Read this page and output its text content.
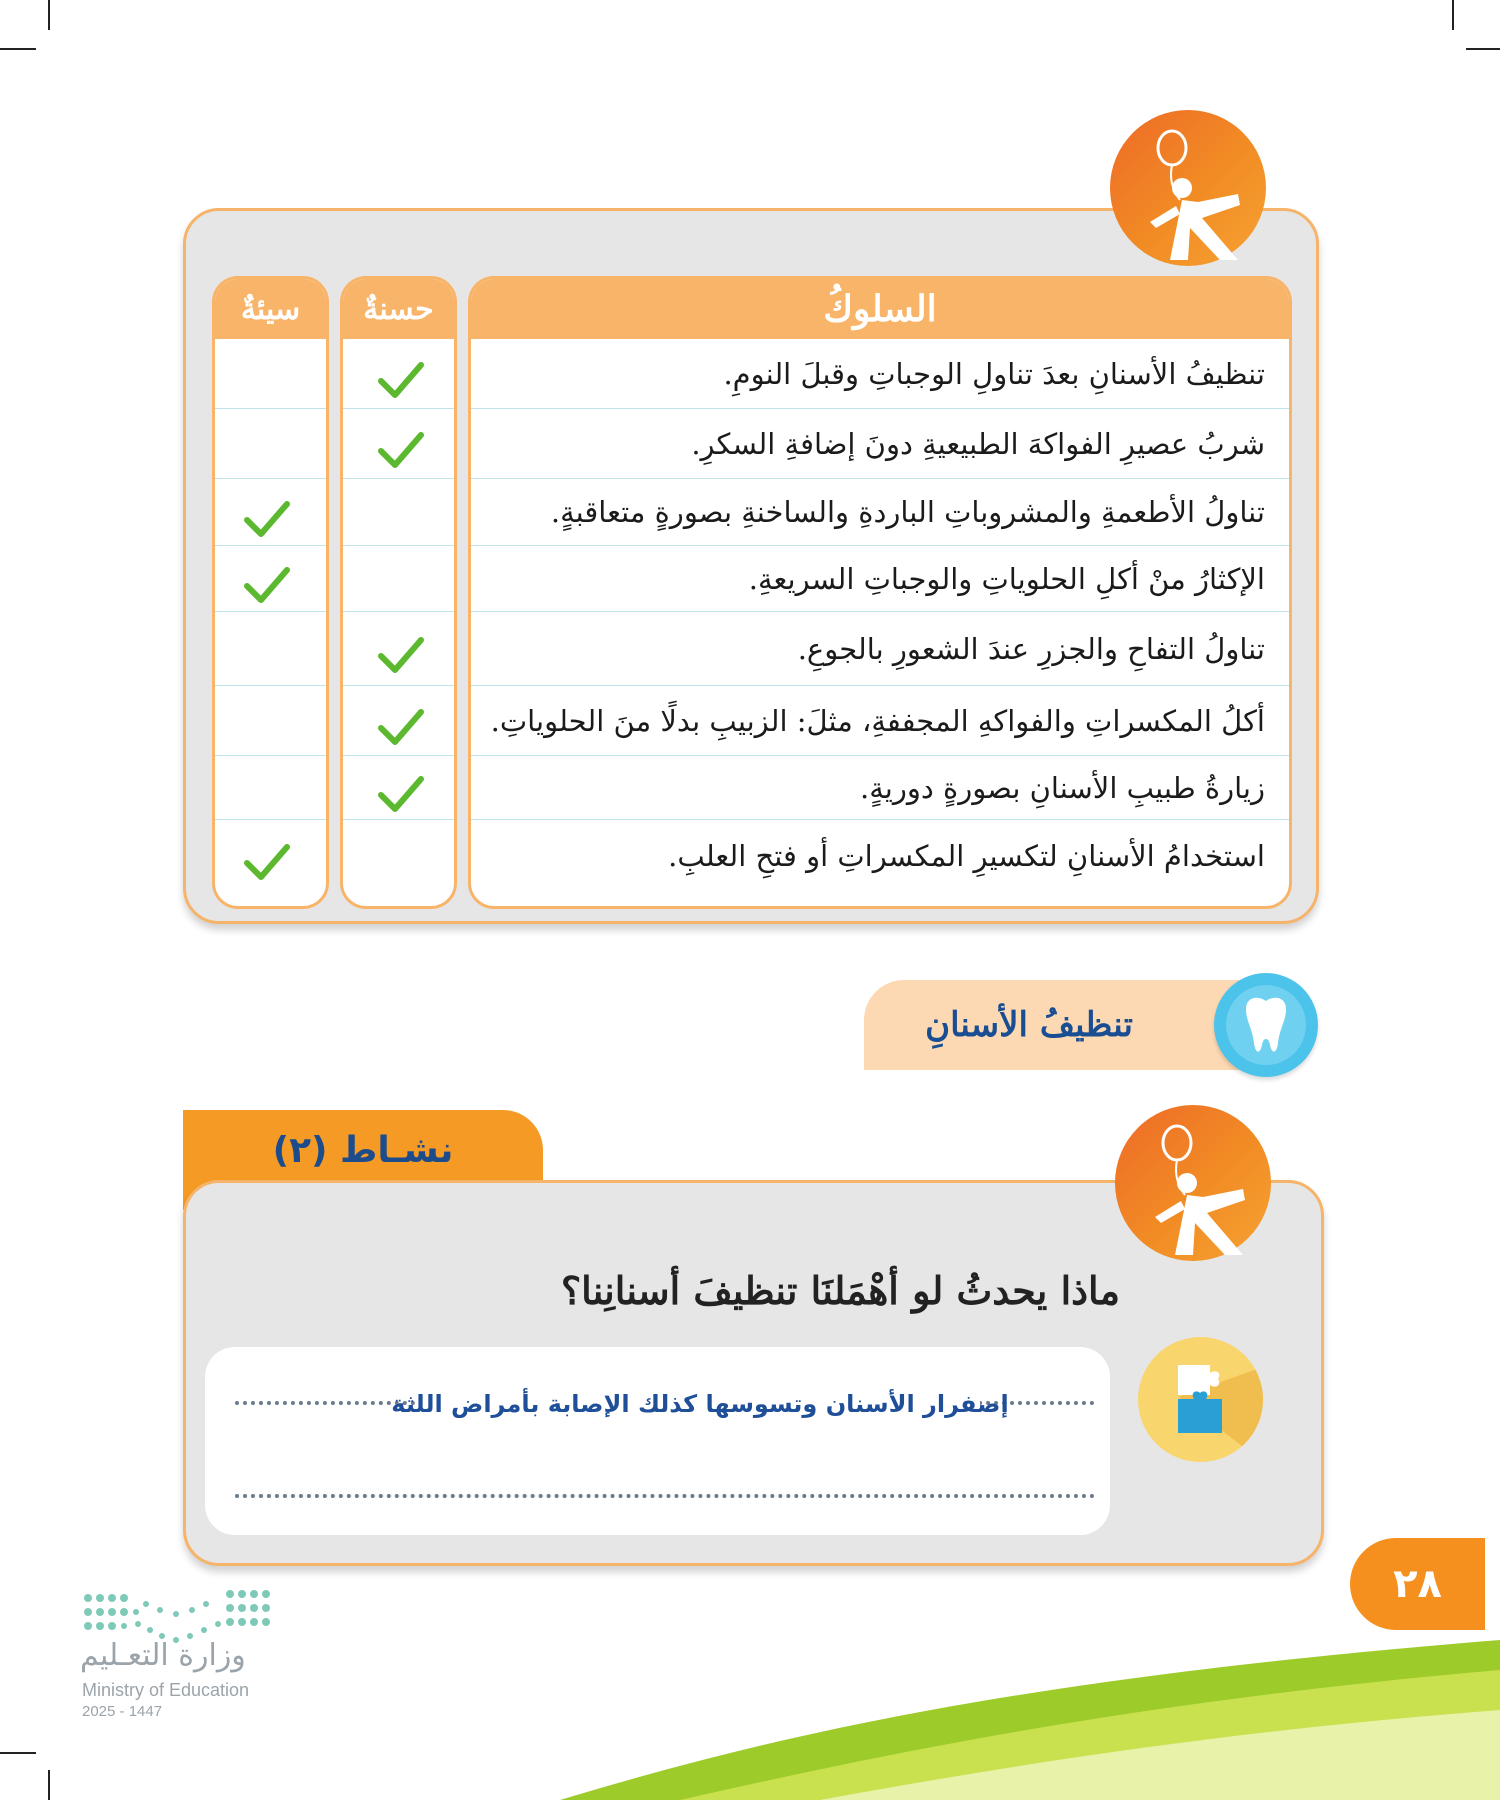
سيئةٌ	حسنةٌ	السلوكُ
تنظيفُ الأسنانِ بعدَ تناولِ الوجباتِ وقبلَ النومِ.
شربُ عصيرِ الفواكهَ الطبيعيةِ دونَ إضافةِ السكرِ.
تناولُ الأطعمةِ والمشروباتِ الباردةِ والساخنةِ بصورةٍ متعاقبةٍ.
الإكثارُ منْ أكلِ الحلوياتِ والوجباتِ السريعةِ.
تناولُ التفاحِ والجزرِ عندَ الشعورِ بالجوعِ.
أكلُ المكسراتِ والفواكهِ المجففةِ، مثلَ: الزبيبِ بدلًا منَ الحلوياتِ.
زيارةُ طبيبِ الأسنانِ بصورةٍ دوريةٍ.
استخدامُ الأسنانِ لتكسيرِ المكسراتِ أو فتحِ العلبِ.
تنظيفُ الأسنانِ
نشـاط (٢)
ماذا يحدثُ لو أهْمَلنَا تنظيفَ أسنانِنا؟
إصفرار الأسنان وتسوسها كذلك الإصابة بأمراض اللثة
٢٨
وزارة التعـليم
Ministry of Education
2025 - 1447
